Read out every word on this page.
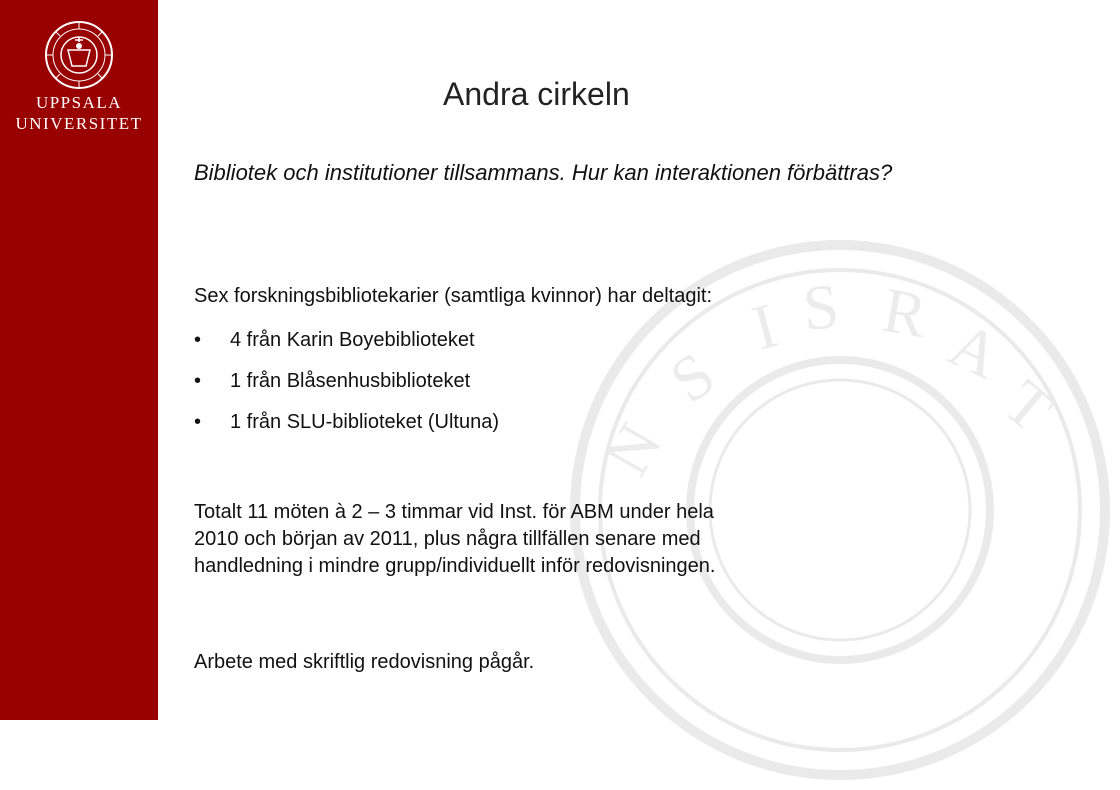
UPPSALA
UNIVERSITET
S
I S R A
T
N
Andra cirkeln
Bibliotek och institutioner tillsammans. Hur kan interaktionen förbättras?
Sex forskningsbibliotekarier (samtliga kvinnor) har deltagit:
•	4 från Karin Boyebiblioteket
•	1 från Blåsenhusbiblioteket
•	1 från SLU-biblioteket (Ultuna)
Totalt 11 möten à 2 – 3 timmar vid Inst. för ABM under hela
2010 och början av 2011, plus några tillfällen senare med
handledning i mindre grupp/individuellt inför redovisningen.
Arbete med skriftlig redovisning pågår.
